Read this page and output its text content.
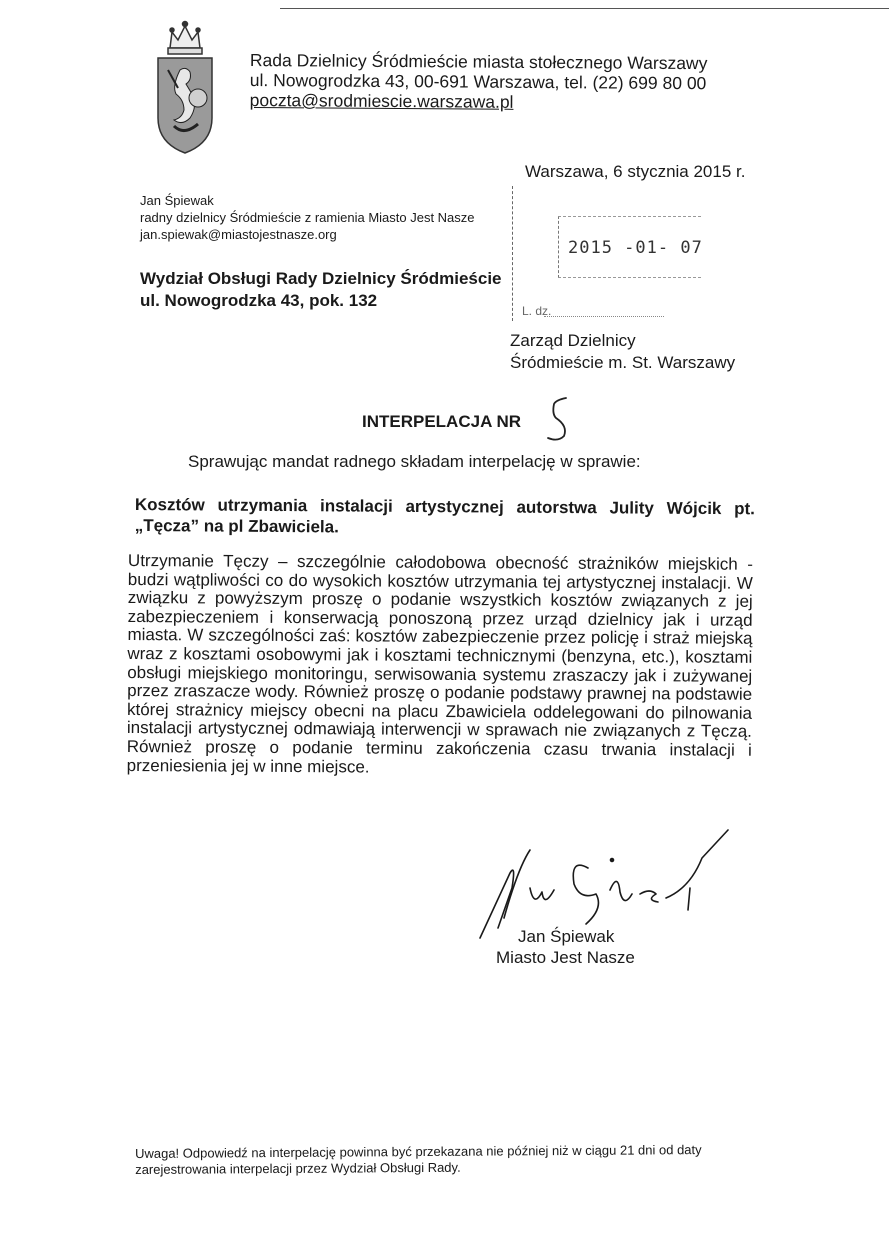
Rada Dzielnicy Śródmieście miasta stołecznego Warszawy
ul. Nowogrodzka 43, 00-691 Warszawa, tel. (22) 699 80 00
poczta@srodmiescie.warszawa.pl
Warszawa, 6 stycznia 2015 r.
2015 -01- 07
L. dz.
Jan Śpiewak
radny dzielnicy Śródmieście z ramienia Miasto Jest Nasze
jan.spiewak@miastojestnasze.org
Wydział Obsługi Rady Dzielnicy Śródmieście
ul. Nowogrodzka 43, pok. 132
Zarząd Dzielnicy
Śródmieście m. St. Warszawy
INTERPELACJA NR
Sprawując mandat radnego składam interpelację w sprawie:
Kosztów utrzymania instalacji artystycznej autorstwa Julity Wójcik pt. „Tęcza” na pl Zbawiciela.
Utrzymanie Tęczy – szczególnie całodobowa obecność strażników miejskich - budzi wątpliwości co do wysokich kosztów utrzymania tej artystycznej instalacji. W związku z powyższym proszę o podanie wszystkich kosztów związanych z jej zabezpieczeniem i konserwacją ponoszoną przez urząd dzielnicy jak i urząd miasta. W szczególności zaś: kosztów zabezpieczenie przez policję i straż miejską wraz z kosztami osobowymi jak i kosztami technicznymi (benzyna, etc.), kosztami obsługi miejskiego monitoringu, serwisowania systemu zraszaczy jak i zużywanej przez zraszacze wody. Również proszę o podanie podstawy prawnej na podstawie której strażnicy miejscy obecni na placu Zbawiciela oddelegowani do pilnowania instalacji artystycznej odmawiają interwencji w sprawach nie związanych z Tęczą. Również proszę o podanie terminu zakończenia czasu trwania instalacji i przeniesienia jej w inne miejsce.
Jan Śpiewak
Miasto Jest Nasze
Uwaga! Odpowiedź na interpelację powinna być przekazana nie później niż w ciągu 21 dni od daty zarejestrowania interpelacji przez Wydział Obsługi Rady.
